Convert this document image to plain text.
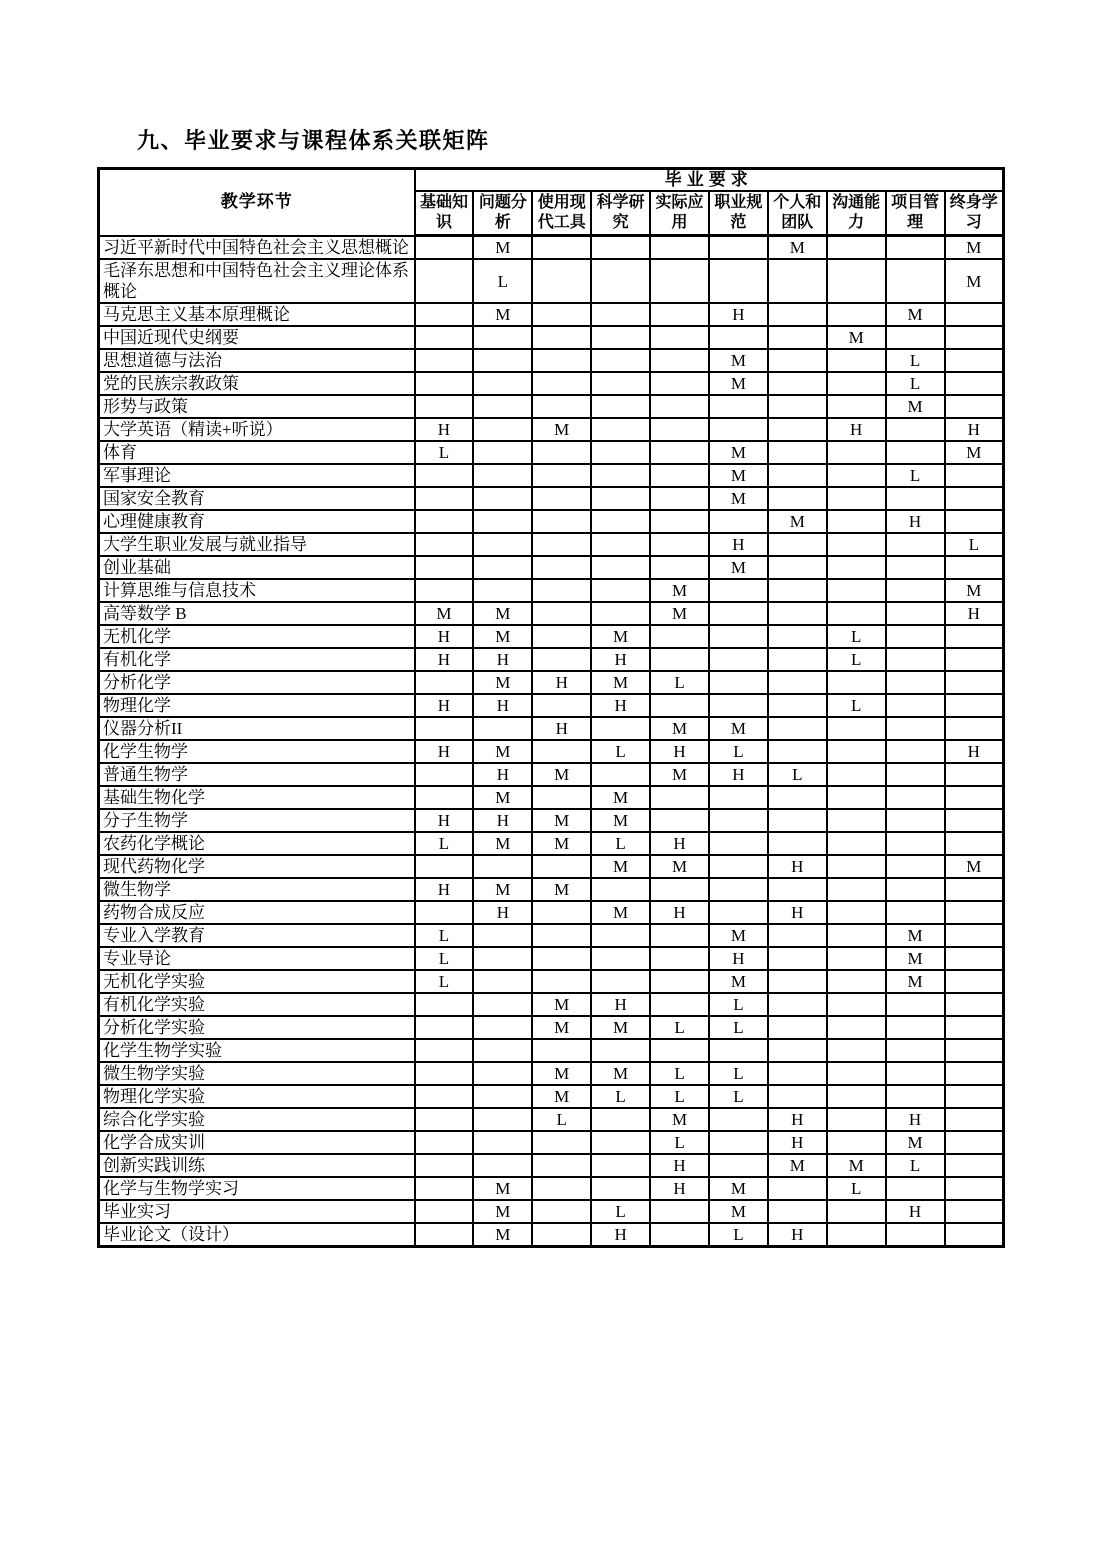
九、毕业要求与课程体系关联矩阵
教学环节	毕业要求									
	基础知识	问题分析	使用现代工具	科学研究	实际应用	职业规范	个人和团队	沟通能力	项目管理	终身学习
习近平新时代中国特色社会主义思想概论		M					M			M
毛泽东思想和中国特色社会主义理论体系概论		L								M
马克思主义基本原理概论		M				H			M	
中国近现代史纲要								M		
思想道德与法治						M			L	
党的民族宗教政策						M			L	
形势与政策									M	
大学英语（精读+听说）	H		M					H		H
体育	L					M				M
军事理论						M			L	
国家安全教育						M				
心理健康教育							M		H	
大学生职业发展与就业指导						H				L
创业基础						M				
计算思维与信息技术					M					M
高等数学 B	M	M			M					H
无机化学	H	M		M				L		
有机化学	H	H		H				L		
分析化学		M	H	M	L					
物理化学	H	H		H				L		
仪器分析II			H		M	M				
化学生物学	H	M		L	H	L				H
普通生物学		H	M		M	H	L			
基础生物化学		M		M						
分子生物学	H	H	M	M						
农药化学概论	L	M	M	L	H					
现代药物化学				M	M		H			M
微生物学	H	M	M							
药物合成反应		H		M	H		H			
专业入学教育	L					M			M	
专业导论	L					H			M	
无机化学实验	L					M			M	
有机化学实验			M	H		L				
分析化学实验			M	M	L	L				
化学生物学实验										
微生物学实验			M	M	L	L				
物理化学实验			M	L	L	L				
综合化学实验			L		M		H		H	
化学合成实训					L		H		M	
创新实践训练					H		M	M	L	
化学与生物学实习		M			H	M		L		
毕业实习		M		L		M			H	
毕业论文（设计）		M		H		L	H			
